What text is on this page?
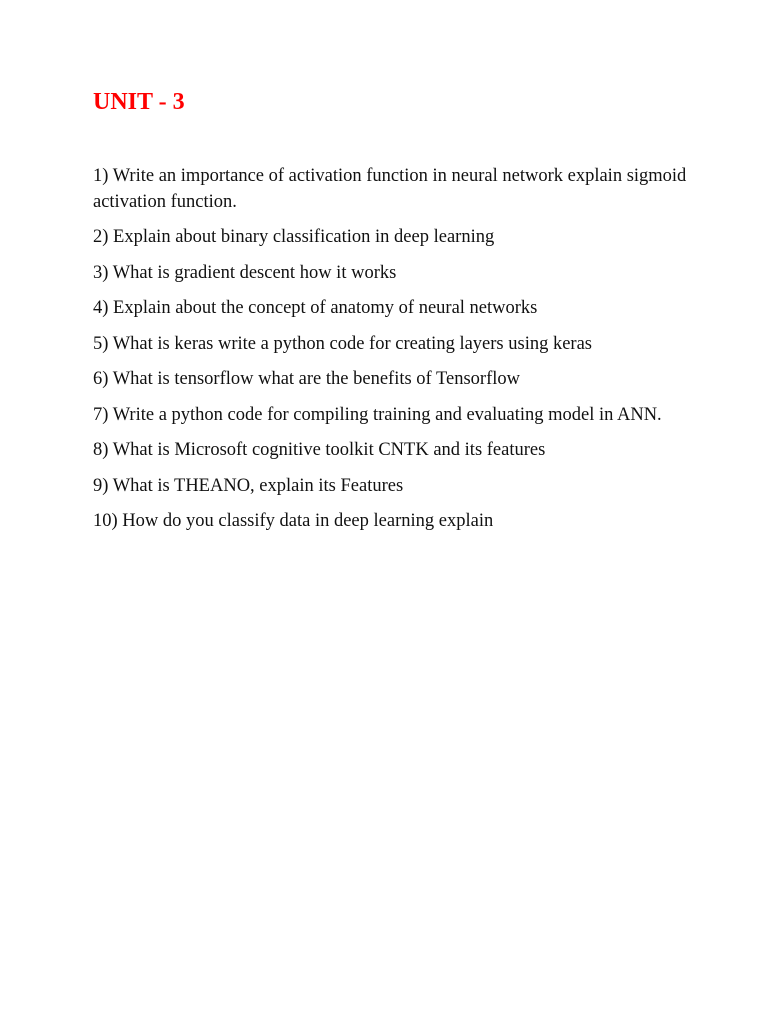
UNIT - 3
1) Write an importance of activation function in neural network explain sigmoid activation function.
2) Explain about binary classification in deep learning
3) What is gradient descent how it works
4) Explain about the concept of anatomy of neural networks
5) What is keras write a python code for creating layers using keras
6) What is tensorflow what are the benefits of Tensorflow
7) Write a python code for compiling training and evaluating model in ANN.
8) What is Microsoft cognitive toolkit CNTK and its features
9) What is THEANO, explain its Features
10) How do you classify data in deep learning explain
